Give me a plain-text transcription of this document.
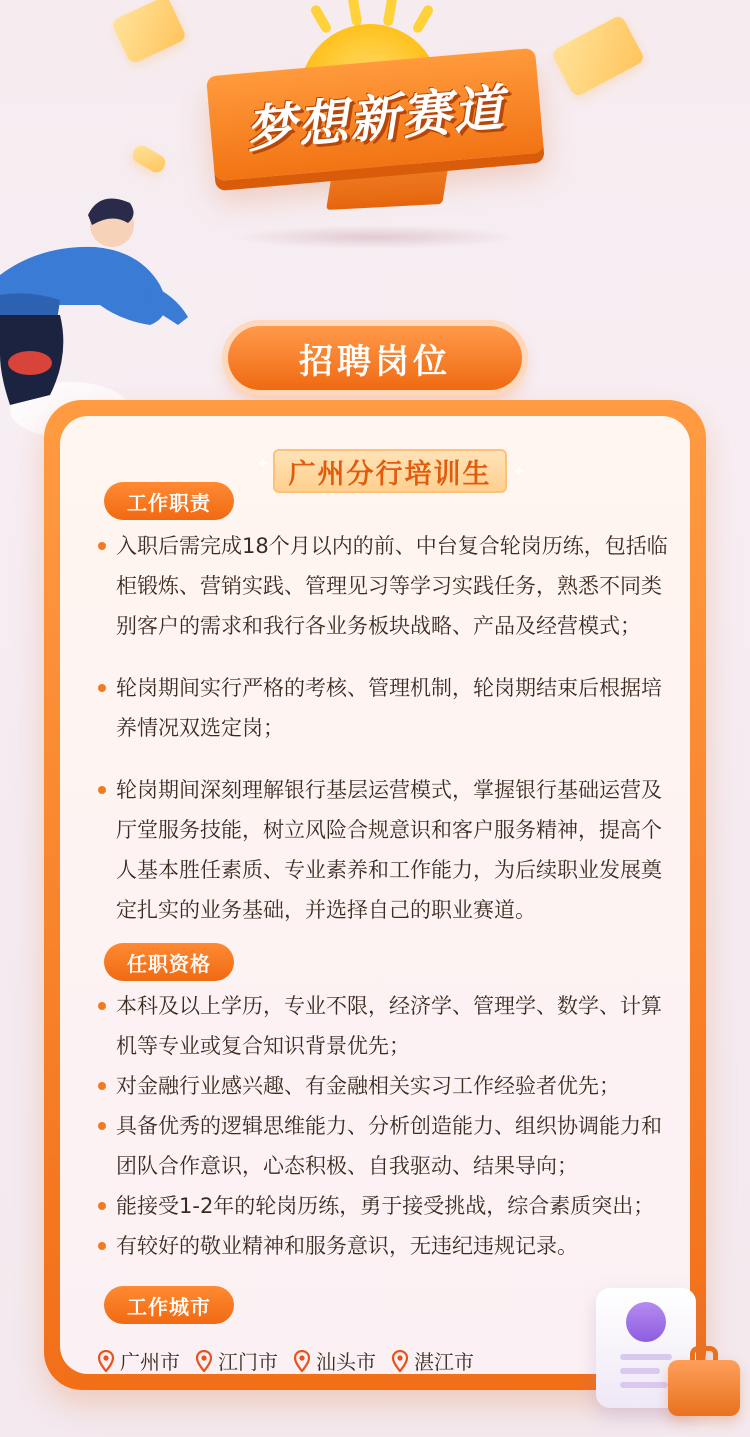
梦想新赛道
招聘岗位
广州分行培训生
✦	✦
工作职责
入职后需完成18个月以内的前、中台复合轮岗历练，包括临柜锻炼、营销实践、管理见习等学习实践任务，熟悉不同类别客户的需求和我行各业务板块战略、产品及经营模式；
轮岗期间实行严格的考核、管理机制，轮岗期结束后根据培养情况双选定岗；
轮岗期间深刻理解银行基层运营模式，掌握银行基础运营及厅堂服务技能，树立风险合规意识和客户服务精神，提高个人基本胜任素质、专业素养和工作能力，为后续职业发展奠定扎实的业务基础，并选择自己的职业赛道。
任职资格
本科及以上学历，专业不限，经济学、管理学、数学、计算机等专业或复合知识背景优先；
对金融行业感兴趣、有金融相关实习工作经验者优先；
具备优秀的逻辑思维能力、分析创造能力、组织协调能力和团队合作意识，心态积极、自我驱动、结果导向；
能接受1-2年的轮岗历练，勇于接受挑战，综合素质突出；
有较好的敬业精神和服务意识，无违纪违规记录。
工作城市
广州市 江门市 汕头市 湛江市
